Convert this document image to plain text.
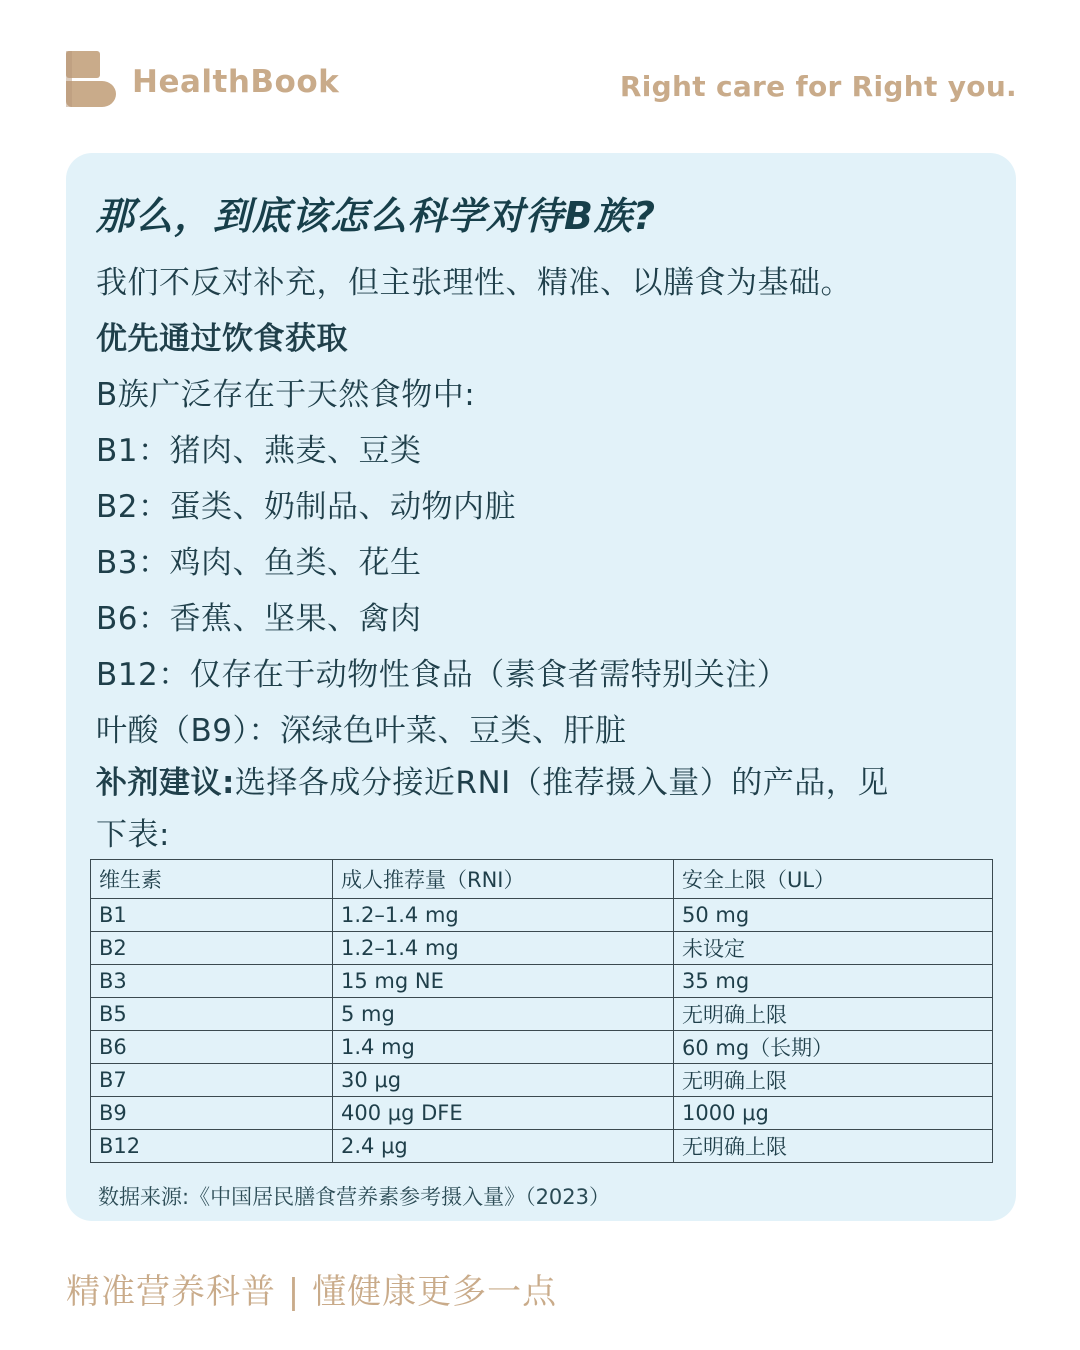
HealthBook	Right care for Right you.
那么，到底该怎么科学对待B族?
我们不反对补充，但主张理性、精准、以膳食为基础。
优先通过饮食获取
B族广泛存在于天然食物中:
B1：猪肉、燕麦、豆类
B2：蛋类、奶制品、动物内脏
B3：鸡肉、鱼类、花生
B6：香蕉、坚果、禽肉
B12：仅存在于动物性食品（素食者需特别关注）
叶酸（B9）：深绿色叶菜、豆类、肝脏
补剂建议:选择各成分接近RNI（推荐摄入量）的产品，见
下表:
维生素	成人推荐量（RNI）	安全上限（UL）
B1	1.2–1.4 mg	50 mg
B2	1.2–1.4 mg	未设定
B3	15 mg NE	35 mg
B5	5 mg	无明确上限
B6	1.4 mg	60 mg（长期）
B7	30 μg	无明确上限
B9	400 μg DFE	1000 μg
B12	2.4 μg	无明确上限
数据来源:《中国居民膳食营养素参考摄入量》（2023）
精准营养科普 | 懂健康更多一点
